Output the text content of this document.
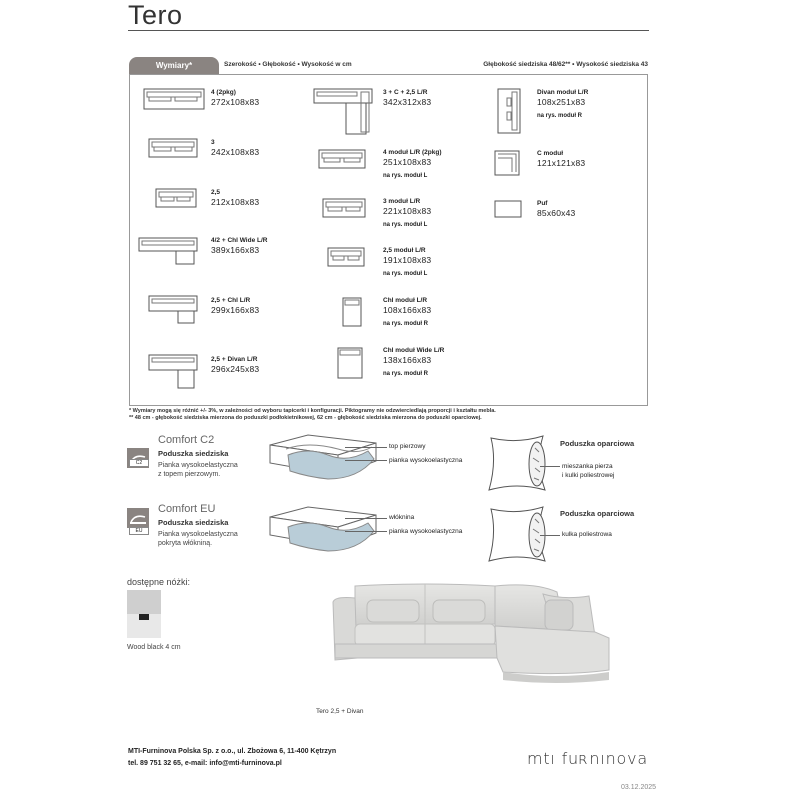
Tero
Wymiary*	Szerokość • Głębokość • Wysokość w cm	Głębokość siedziska 48/62** • Wysokość siedziska 43
4 (2pkg)
272x108x83
3
242x108x83
2,5
212x108x83
4/2 + Chl Wide L/R
389x166x83
2,5 + Chl L/R
299x166x83
2,5 + Divan L/R
296x245x83
3 + C + 2,5 L/R
342x312x83
4 moduł L/R (2pkg)
251x108x83
na rys. moduł L
3 moduł L/R
221x108x83
na rys. moduł L
2,5 moduł L/R
191x108x83
na rys. moduł L
Chl moduł L/R
108x166x83
na rys. moduł R
Chl moduł Wide L/R
138x166x83
na rys. moduł R
Divan moduł L/R
108x251x83
na rys. moduł R
C moduł
121x121x83
Puf
85x60x43
* Wymiary mogą się różnić +/- 3%, w zależności od wyboru tapicerki i konfiguracji. Piktogramy nie odzwierciedlają proporcji i kształtu mebla.
** 48 cm - głębokość siedziska mierzona do poduszki podłokietnikowej, 62 cm - głębokość siedziska mierzona do poduszki oparciowej.
C2
Comfort C2
Poduszka siedziska
Pianka wysokoelastyczna
z topem pierzowym.
top pierzowy
pianka wysokoelastyczna
Poduszka oparciowa
mieszanka pierza
i kulki poliestrowej
EU
Comfort EU
Poduszka siedziska
Pianka wysokoelastyczna
pokryta włókniną.
włóknina
pianka wysokoelastyczna
Poduszka oparciowa
kulka poliestrowa
dostępne nóżki:
Wood black 4 cm
Tero 2,5 + Divan
MTI-Furninova Polska Sp. z o.o., ul. Zbożowa 6, 11-400 Kętrzyn
tel. 89 751 32 65, e-mail: info@mti-furninova.pl	mtı fuʀnınova
03.12.2025
